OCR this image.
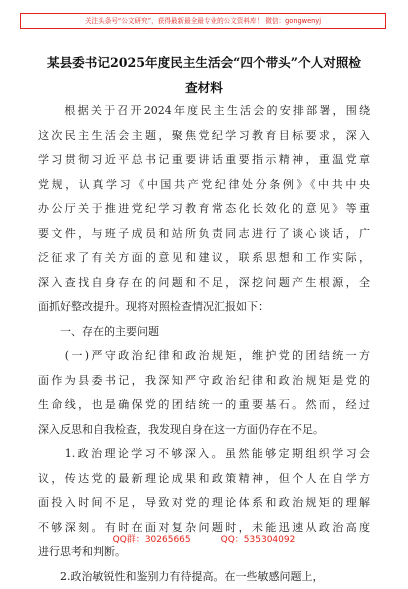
关注头条号“公文研究”，获得最新最全最专业的公文资料库！ 微信：gongwenyj
某县委书记2025年度民主生活会“四个带头”个人对照检
查材料
　　根据关于召开2024年度民主生活会的安排部署，围绕
这次民主生活会主题，聚焦党纪学习教育目标要求，深入
学习贯彻习近平总书记重要讲话重要指示精神，重温党章
党规，认真学习《中国共产党纪律处分条例》《中共中央
办公厅关于推进党纪学习教育常态化长效化的意见》等重
要文件，与班子成员和站所负责同志进行了谈心谈话，广
泛征求了有关方面的意见和建议，联系思想和工作实际，
深入查找自身存在的问题和不足，深挖问题产生根源，全
面抓好整改提升。现将对照检查情况汇报如下：
　　一、存在的主要问题
　　(一)严守政治纪律和政治规矩，维护党的团结统一方
面作为县委书记，我深知严守政治纪律和政治规矩是党的
生命线，也是确保党的团结统一的重要基石。然而，经过
深入反思和自我检查，我发现自身在这一方面仍存在不足。
　　1.政治理论学习不够深入。虽然能够定期组织学习会
议，传达党的最新理论成果和政策精神，但个人在自学方
面投入时间不足，导致对党的理论体系和政治规矩的理解
不够深刻。有时在面对复杂问题时，未能迅速从政治高度
进行思考和判断。
　　2.政治敏锐性和鉴别力有待提高。在一些敏感问题上，
QQ群：30265665	QQ：535304092
